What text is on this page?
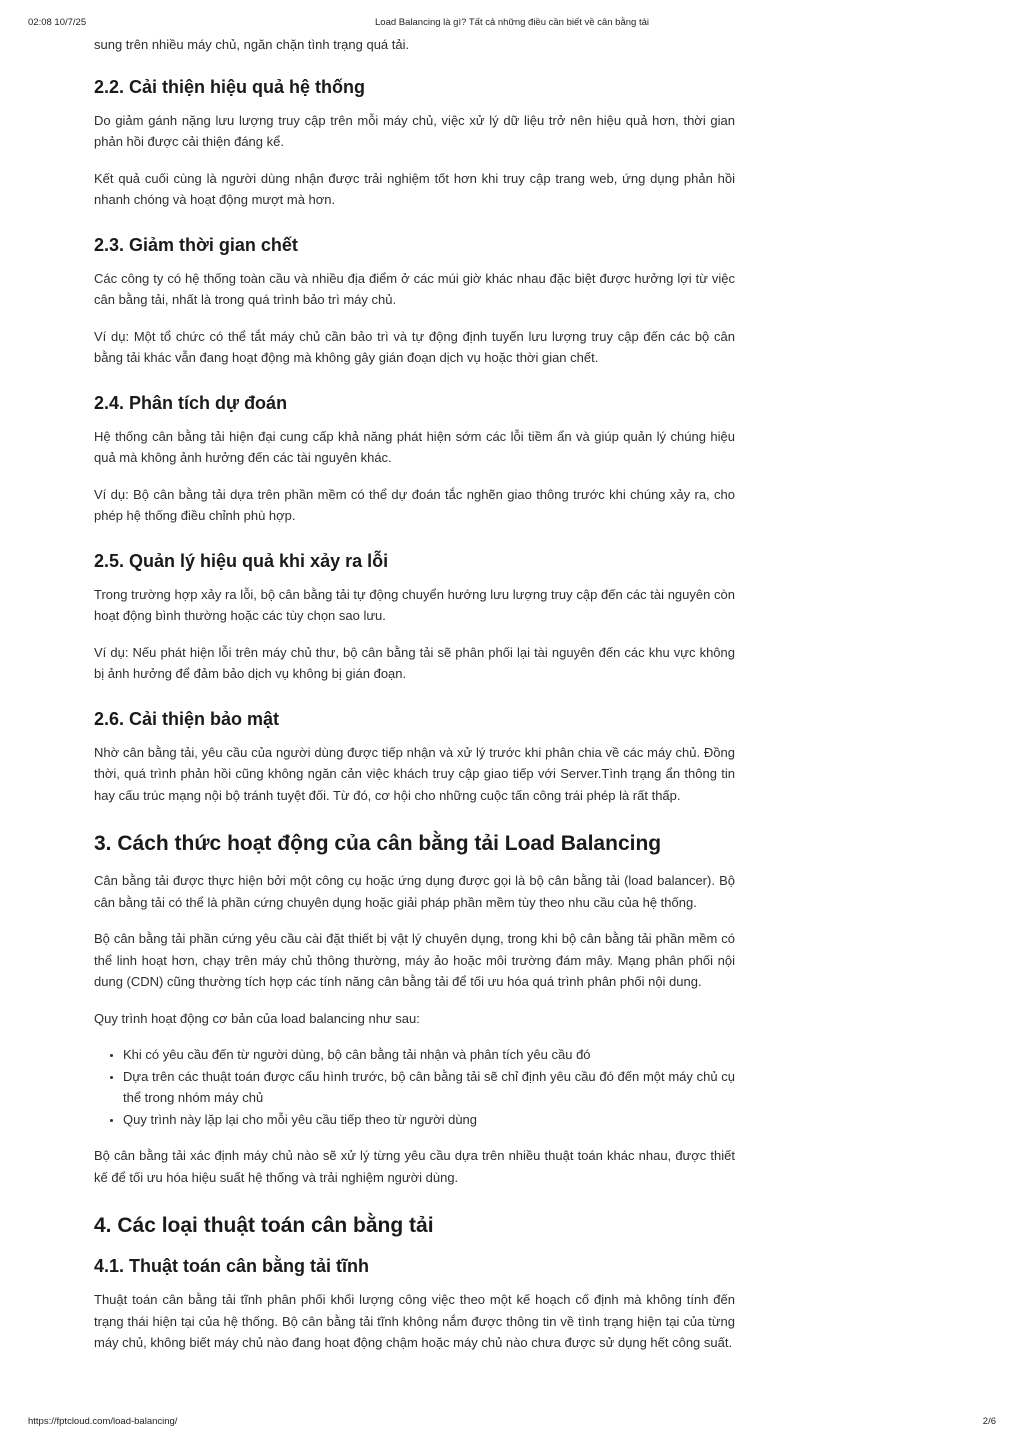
02:08 10/7/25	Load Balancing là gì? Tất cả những điều cần biết về cân bằng tải

sung trên nhiều máy chủ, ngăn chặn tình trạng quá tải.

2.2. Cải thiện hiệu quả hệ thống

Do giảm gánh nặng lưu lượng truy cập trên mỗi máy chủ, việc xử lý dữ liệu trở nên hiệu quả hơn, thời gian phản hồi được cải thiện đáng kể.

Kết quả cuối cùng là người dùng nhận được trải nghiệm tốt hơn khi truy cập trang web, ứng dụng phản hồi nhanh chóng và hoạt động mượt mà hơn.

2.3. Giảm thời gian chết

Các công ty có hệ thống toàn cầu và nhiều địa điểm ở các múi giờ khác nhau đặc biệt được hưởng lợi từ việc cân bằng tải, nhất là trong quá trình bảo trì máy chủ.

Ví dụ: Một tổ chức có thể tắt máy chủ cần bảo trì và tự động định tuyến lưu lượng truy cập đến các bộ cân bằng tải khác vẫn đang hoạt động mà không gây gián đoạn dịch vụ hoặc thời gian chết.

2.4. Phân tích dự đoán

Hệ thống cân bằng tải hiện đại cung cấp khả năng phát hiện sớm các lỗi tiềm ẩn và giúp quản lý chúng hiệu quả mà không ảnh hưởng đến các tài nguyên khác.

Ví dụ: Bộ cân bằng tải dựa trên phần mềm có thể dự đoán tắc nghẽn giao thông trước khi chúng xảy ra, cho phép hệ thống điều chỉnh phù hợp.

2.5. Quản lý hiệu quả khi xảy ra lỗi

Trong trường hợp xảy ra lỗi, bộ cân bằng tải tự động chuyển hướng lưu lượng truy cập đến các tài nguyên còn hoạt động bình thường hoặc các tùy chọn sao lưu.

Ví dụ: Nếu phát hiện lỗi trên máy chủ thư, bộ cân bằng tải sẽ phân phối lại tài nguyên đến các khu vực không bị ảnh hưởng để đảm bảo dịch vụ không bị gián đoạn.

2.6. Cải thiện bảo mật

Nhờ cân bằng tải, yêu cầu của người dùng được tiếp nhận và xử lý trước khi phân chia về các máy chủ. Đồng thời, quá trình phản hồi cũng không ngăn cản việc khách truy cập giao tiếp với Server.Tình trạng ẩn thông tin hay cấu trúc mạng nội bộ tránh tuyệt đối. Từ đó, cơ hội cho những cuộc tấn công trái phép là rất thấp.

3. Cách thức hoạt động của cân bằng tải Load Balancing

Cân bằng tải được thực hiện bởi một công cụ hoặc ứng dụng được gọi là bộ cân bằng tải (load balancer). Bộ cân bằng tải có thể là phần cứng chuyên dụng hoặc giải pháp phần mềm tùy theo nhu cầu của hệ thống.

Bộ cân bằng tải phần cứng yêu cầu cài đặt thiết bị vật lý chuyên dụng, trong khi bộ cân bằng tải phần mềm có thể linh hoạt hơn, chạy trên máy chủ thông thường, máy ảo hoặc môi trường đám mây. Mạng phân phối nội dung (CDN) cũng thường tích hợp các tính năng cân bằng tải để tối ưu hóa quá trình phân phối nội dung.

Quy trình hoạt động cơ bản của load balancing như sau:

• Khi có yêu cầu đến từ người dùng, bộ cân bằng tải nhận và phân tích yêu cầu đó
• Dựa trên các thuật toán được cấu hình trước, bộ cân bằng tải sẽ chỉ định yêu cầu đó đến một máy chủ cụ thể trong nhóm máy chủ
• Quy trình này lặp lại cho mỗi yêu cầu tiếp theo từ người dùng

Bộ cân bằng tải xác định máy chủ nào sẽ xử lý từng yêu cầu dựa trên nhiều thuật toán khác nhau, được thiết kế để tối ưu hóa hiệu suất hệ thống và trải nghiệm người dùng.

4. Các loại thuật toán cân bằng tải
4.1. Thuật toán cân bằng tải tĩnh

Thuật toán cân bằng tải tĩnh phân phối khối lượng công việc theo một kế hoạch cố định mà không tính đến trạng thái hiện tại của hệ thống. Bộ cân bằng tải tĩnh không nắm được thông tin về tình trạng hiện tại của từng máy chủ, không biết máy chủ nào đang hoạt động chậm hoặc máy chủ nào chưa được sử dụng hết công suất.

https://fptcloud.com/load-balancing/	2/6
